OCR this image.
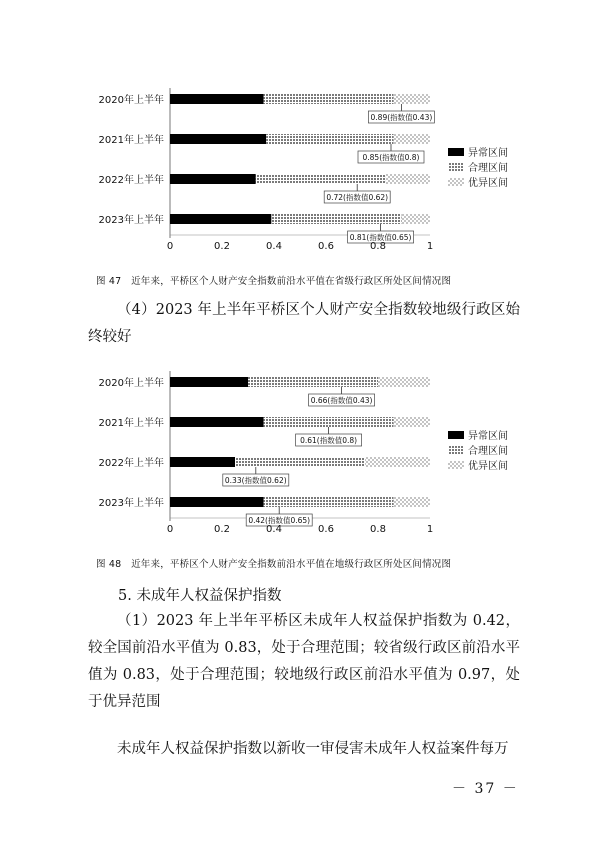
2020年上半年
0.89(指数值0.43)
2021年上半年
0.85(指数值0.8)
2022年上半年
0.72(指数值0.62)
2023年上半年
0.81(指数值0.65)
0	0.2	0.4	0.6	0.8	1
异常区间
合理区间
优异区间
图 47　近年来，平桥区个人财产安全指数前沿水平值在省级行政区所处区间情况图
（4）2023 年上半年平桥区个人财产安全指数较地级行政区始终较好
2020年上半年
0.66(指数值0.43)
2021年上半年
0.61(指数值0.8)
2022年上半年
0.33(指数值0.62)
2023年上半年
0.42(指数值0.65)
0	0.2	0.4	0.6	0.8	1
异常区间
合理区间
优异区间
图 48　近年来，平桥区个人财产安全指数前沿水平值在地级行政区所处区间情况图
5. 未成年人权益保护指数
（1）2023 年上半年平桥区未成年人权益保护指数为 0.42，较全国前沿水平值为 0.83，处于合理范围；较省级行政区前沿水平值为 0.83，处于合理范围；较地级行政区前沿水平值为 0.97，处于优异范围
未成年人权益保护指数以新收一审侵害未成年人权益案件每万
－ 37 －
